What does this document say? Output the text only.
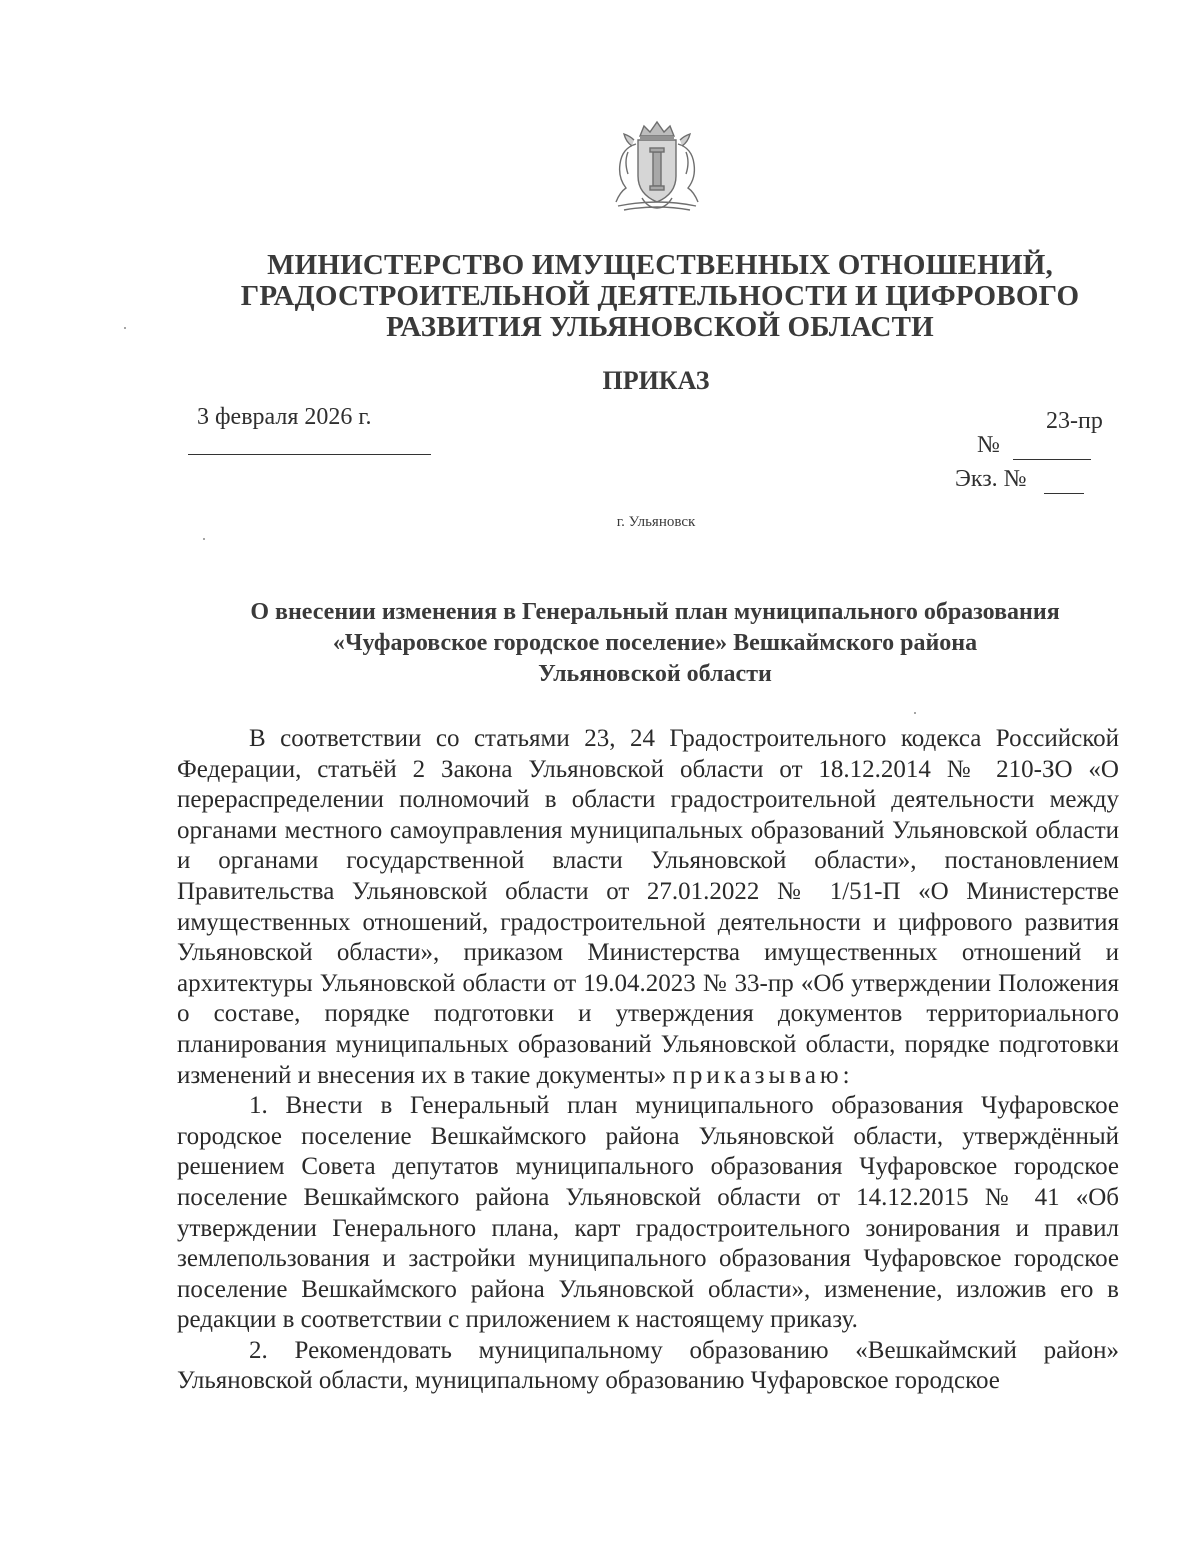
МИНИСТЕРСТВО ИМУЩЕСТВЕННЫХ ОТНОШЕНИЙ,
ГРАДОСТРОИТЕЛЬНОЙ ДЕЯТЕЛЬНОСТИ И ЦИФРОВОГО
РАЗВИТИЯ УЛЬЯНОВСКОЙ ОБЛАСТИ
ПРИКАЗ
3 февраля 2026 г.	23-пр
№
Экз. №
г. Ульяновск
О внесении изменения в Генеральный план муниципального образования
«Чуфаровское городское поселение» Вешкаймского района
Ульяновской области

В соответствии со статьями 23, 24 Градостроительного кодекса Российской Федерации, статьёй 2 Закона Ульяновской области от 18.12.2014 № 210-ЗО «О перераспределении полномочий в области градостроительной деятельности между органами местного самоуправления муниципальных образований Ульяновской области и органами государственной власти Ульяновской области», постановлением Правительства Ульяновской области от 27.01.2022 № 1/51-П «О Министерстве имущественных отношений, градостроительной деятельности и цифрового развития Ульяновской области», приказом Министерства имущественных отношений и архитектуры Ульяновской области от 19.04.2023 № 33-пр «Об утверждении Положения о составе, порядке подготовки и утверждения документов территориального планирования муниципальных образований Ульяновской области, порядке подготовки изменений и внесения их в такие документы» приказываю:

1. Внести в Генеральный план муниципального образования Чуфаровское городское поселение Вешкаймского района Ульяновской области, утверждённый решением Совета депутатов муниципального образования Чуфаровское городское поселение Вешкаймского района Ульяновской области от 14.12.2015 № 41 «Об утверждении Генерального плана, карт градостроительного зонирования и правил землепользования и застройки муниципального образования Чуфаровское городское поселение Вешкаймского района Ульяновской области», изменение, изложив его в редакции в соответствии с приложением к настоящему приказу.

2. Рекомендовать муниципальному образованию «Вешкаймский район» Ульяновской области, муниципальному образованию Чуфаровское городское
